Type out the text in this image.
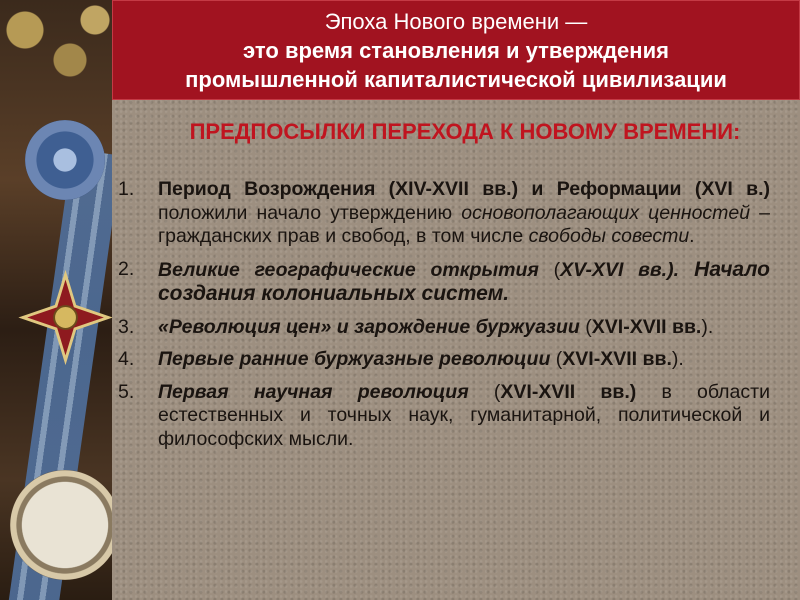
Эпоха Нового времени —
это время становления и утверждения
промышленной капиталистической цивилизации
ПРЕДПОСЫЛКИ ПЕРЕХОДА К НОВОМУ ВРЕМЕНИ:
1. Период Возрождения (XIV-XVII вв.) и Реформации (XVI в.) положили начало утверждению основополагающих ценностей – гражданских прав и свобод, в том числе свободы совести.
2. Великие географические открытия (XV-XVI вв.). Начало создания колониальных систем.
3. «Революция цен» и зарождение буржуазии (XVI-XVII вв.).
4. Первые ранние буржуазные революции (XVI-XVII вв.).
5. Первая научная революция (XVI-XVII вв.) в области естественных и точных наук, гуманитарной, политической и философских мысли.
